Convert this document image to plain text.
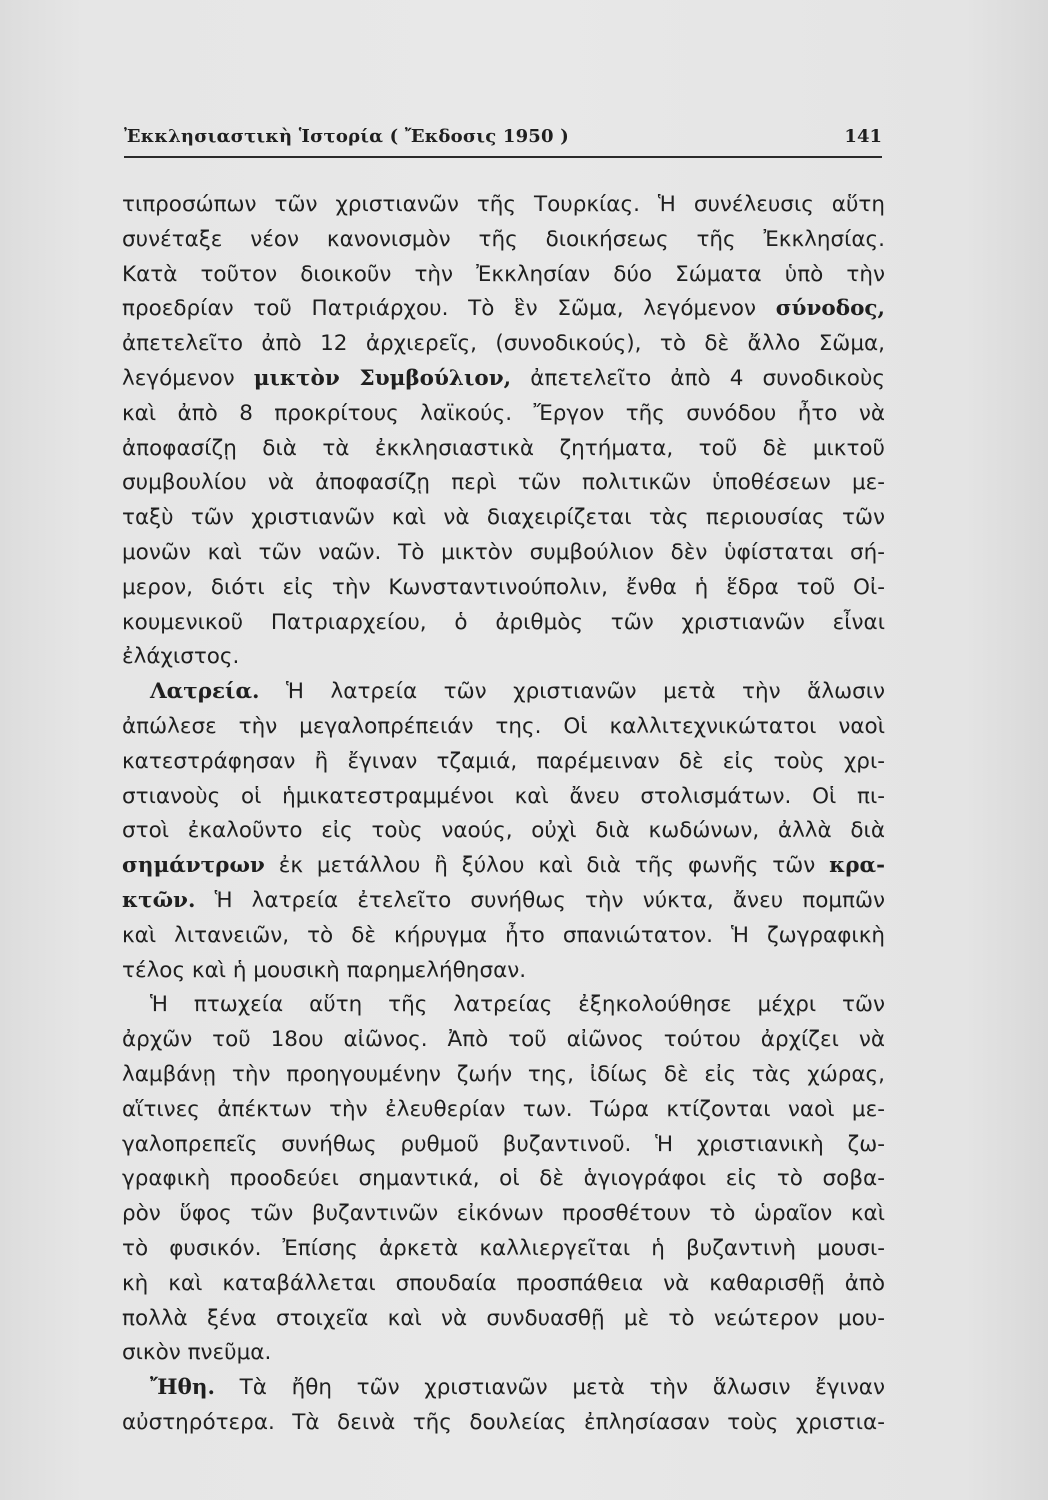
Ἐκκλησιαστικὴ Ἱστορία ( Ἔκδοσις 1950 )	141
τιπροσώπων τῶν χριστιανῶν τῆς Τουρκίας. Ἡ συνέλευσις αὕτη
συνέταξε νέον κανονισμὸν τῆς διοικήσεως τῆς Ἐκκλησίας.
Κατὰ τοῦτον διοικοῦν τὴν Ἐκκλησίαν δύο Σώματα ὑπὸ τὴν
προεδρίαν τοῦ Πατριάρχου. Τὸ ἓν Σῶμα, λεγόμενον σύνοδος,
ἀπετελεῖτο ἀπὸ 12 ἀρχιερεῖς, (συνοδικούς), τὸ δὲ ἄλλο Σῶμα,
λεγόμενον μικτὸν Συμβούλιον, ἀπετελεῖτο ἀπὸ 4 συνοδικοὺς
καὶ ἀπὸ 8 προκρίτους λαϊκούς. Ἔργον τῆς συνόδου ἦτο νὰ
ἀποφασίζῃ διὰ τὰ ἐκκλησιαστικὰ ζητήματα, τοῦ δὲ μικτοῦ
συμβουλίου νὰ ἀποφασίζῃ περὶ τῶν πολιτικῶν ὑποθέσεων με-
ταξὺ τῶν χριστιανῶν καὶ νὰ διαχειρίζεται τὰς περιουσίας τῶν
μονῶν καὶ τῶν ναῶν. Τὸ μικτὸν συμβούλιον δὲν ὑφίσταται σή-
μερον, διότι εἰς τὴν Κωνσταντινούπολιν, ἔνθα ἡ ἕδρα τοῦ Οἰ-
κουμενικοῦ Πατριαρχείου, ὁ ἀριθμὸς τῶν χριστιανῶν εἶναι
ἐλάχιστος.
Λατρεία. Ἡ λατρεία τῶν χριστιανῶν μετὰ τὴν ἅλωσιν
ἀπώλεσε τὴν μεγαλοπρέπειάν της. Οἱ καλλιτεχνικώτατοι ναοὶ
κατεστράφησαν ἢ ἔγιναν τζαμιά, παρέμειναν δὲ εἰς τοὺς χρι-
στιανοὺς οἱ ἡμικατεστραμμένοι καὶ ἄνευ στολισμάτων. Οἱ πι-
στοὶ ἐκαλοῦντο εἰς τοὺς ναούς, οὐχὶ διὰ κωδώνων, ἀλλὰ διὰ
σημάντρων ἐκ μετάλλου ἢ ξύλου καὶ διὰ τῆς φωνῆς τῶν κρα-
κτῶν. Ἡ λατρεία ἐτελεῖτο συνήθως τὴν νύκτα, ἄνευ πομπῶν
καὶ λιτανειῶν, τὸ δὲ κήρυγμα ἦτο σπανιώτατον. Ἡ ζωγραφικὴ
τέλος καὶ ἡ μουσικὴ παρημελήθησαν.
Ἡ πτωχεία αὕτη τῆς λατρείας ἐξηκολούθησε μέχρι τῶν
ἀρχῶν τοῦ 18ου αἰῶνος. Ἀπὸ τοῦ αἰῶνος τούτου ἀρχίζει νὰ
λαμβάνῃ τὴν προηγουμένην ζωήν της, ἰδίως δὲ εἰς τὰς χώρας,
αἵτινες ἀπέκτων τὴν ἐλευθερίαν των. Τώρα κτίζονται ναοὶ με-
γαλοπρεπεῖς συνήθως ρυθμοῦ βυζαντινοῦ. Ἡ χριστιανικὴ ζω-
γραφικὴ προοδεύει σημαντικά, οἱ δὲ ἁγιογράφοι εἰς τὸ σοβα-
ρὸν ὕφος τῶν βυζαντινῶν εἰκόνων προσθέτουν τὸ ὡραῖον καὶ
τὸ φυσικόν. Ἐπίσης ἀρκετὰ καλλιεργεῖται ἡ βυζαντινὴ μουσι-
κὴ καὶ καταβάλλεται σπουδαία προσπάθεια νὰ καθαρισθῇ ἀπὸ
πολλὰ ξένα στοιχεῖα καὶ νὰ συνδυασθῇ μὲ τὸ νεώτερον μου-
σικὸν πνεῦμα.
Ἤθη. Τὰ ἤθη τῶν χριστιανῶν μετὰ τὴν ἅλωσιν ἔγιναν
αὐστηρότερα. Τὰ δεινὰ τῆς δουλείας ἐπλησίασαν τοὺς χριστια-
